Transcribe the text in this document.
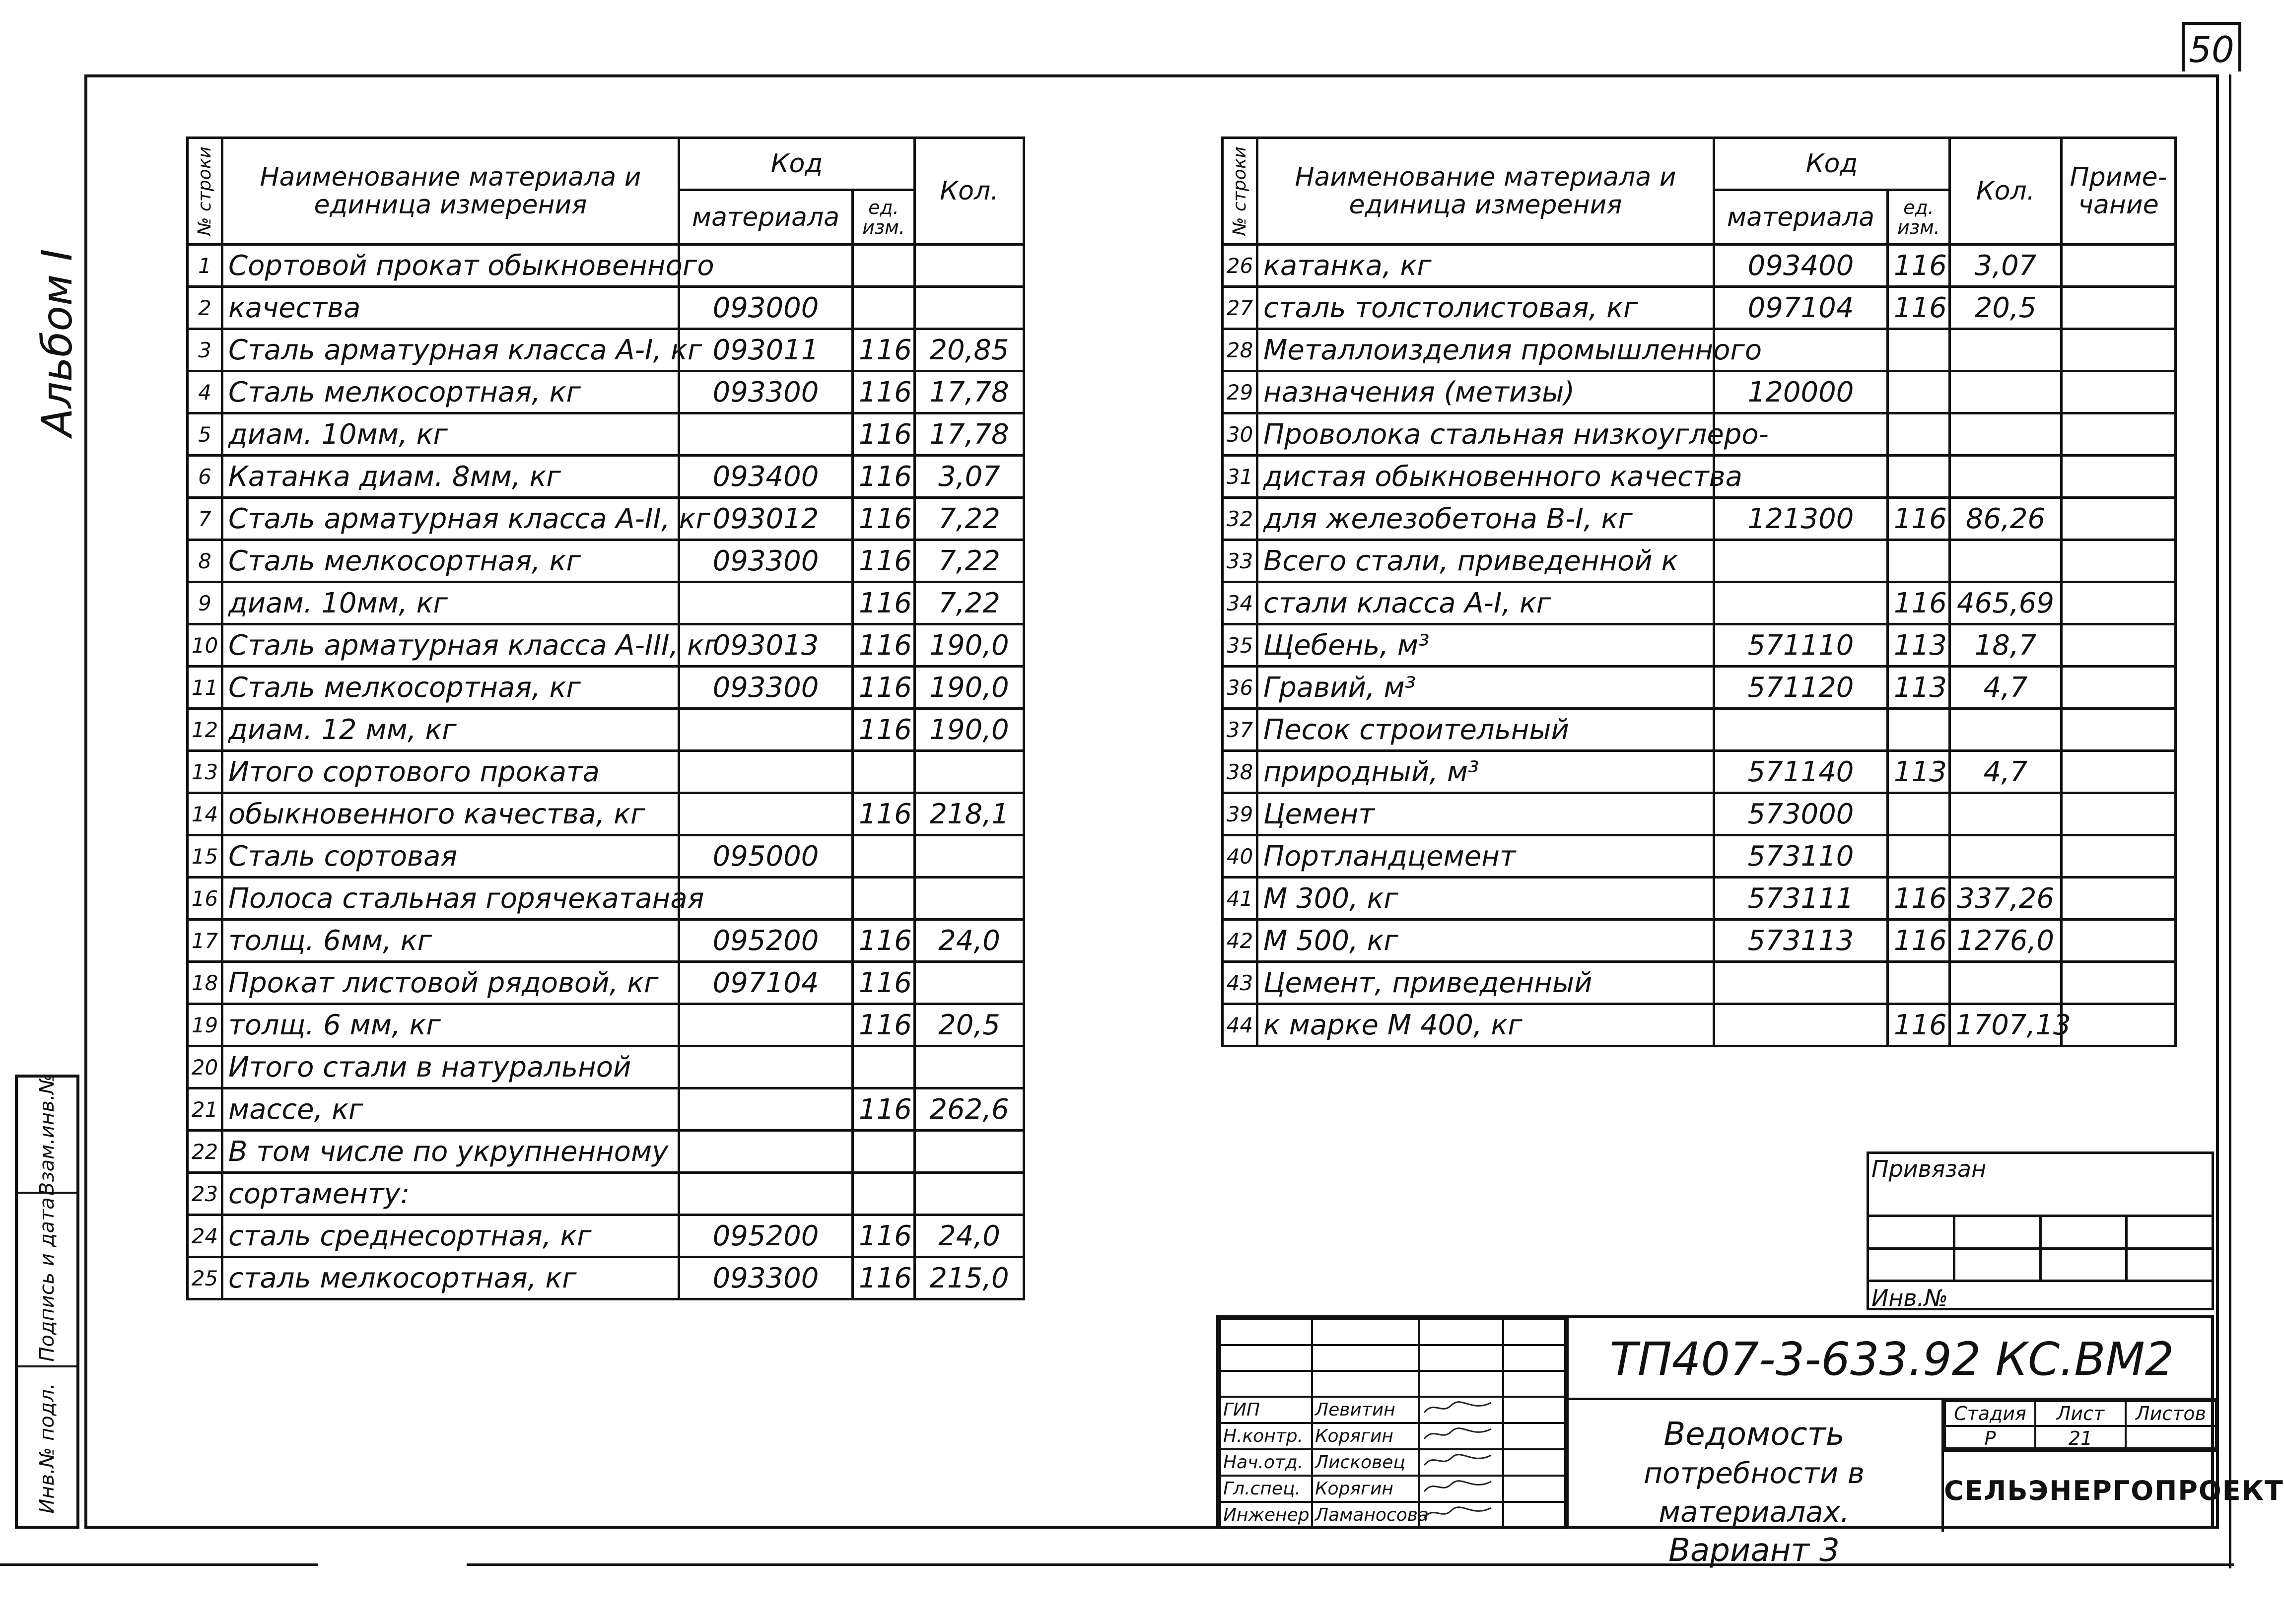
50
Альбом I
Взам.инв.№
Подпись и дата
Инв.№ подл.
№ строки	Наименование материала и единица измерения	Код		Кол.	
		материала	ед. изм.		
1	Сортовой прокат обыкновенного				
2	качества	093000			
3	Сталь арматурная класса А-I, кг	093011	116	20,85	
4	Сталь мелкосортная, кг	093300	116	17,78	
5	диам. 10мм, кг		116	17,78	
6	Катанка диам. 8мм, кг	093400	116	3,07	
7	Сталь арматурная класса А-II, кг	093012	116	7,22	
8	Сталь мелкосортная, кг	093300	116	7,22	
9	диам. 10мм, кг		116	7,22	
10	Сталь арматурная класса А-III, кг	093013	116	190,0	
11	Сталь мелкосортная, кг	093300	116	190,0	
12	диам. 12 мм, кг		116	190,0	
13	Итого сортового проката				
14	обыкновенного качества, кг		116	218,1	
15	Сталь сортовая	095000			
16	Полоса стальная горячекатаная				
17	толщ. 6мм, кг	095200	116	24,0	
18	Прокат листовой рядовой, кг	097104	116		
19	толщ. 6 мм, кг		116	20,5	
20	Итого стали в натуральной				
21	массе, кг		116	262,6	
22	В том числе по укрупненному				
23	сортаменту:				
24	сталь среднесортная, кг	095200	116	24,0	
25	сталь мелкосортная, кг	093300	116	215,0	
№ строки	Наименование материала и единица измерения	Код		Кол.	Приме-чание
		материала	ед. изм.		
26	катанка, кг	093400	116	3,07	
27	сталь толстолистовая, кг	097104	116	20,5	
28	Металлоизделия промышленного				
29	назначения (метизы)	120000			
30	Проволока стальная низкоуглеро-				
31	дистая обыкновенного качества				
32	для железобетона В-I, кг	121300	116	86,26	
33	Всего стали, приведенной к				
34	стали класса А-I, кг		116	465,69	
35	Щебень, м³	571110	113	18,7	
36	Гравий, м³	571120	113	4,7	
37	Песок строительный				
38	природный, м³	571140	113	4,7	
39	Цемент	573000			
40	Портландцемент	573110			
41	М 300, кг	573111	116	337,26	
42	М 500, кг	573113	116	1276,0	
43	Цемент, приведенный				
44	к марке М 400, кг		116	1707,13	

Привязан
Инв.№

ГИП	Левитин		
Н.контр.	Корягин		
Нач.отд.	Лисковец		
Гл.спец.	Корягин		
Инженер	Ламаносова		
ТП407-3-633.92 КС.ВМ2
Ведомость
потребности в материалах.
Вариант 3
Стадия	Лист	Листов
Р	21	
СЕЛЬЭНЕРГОПРОЕКТ
